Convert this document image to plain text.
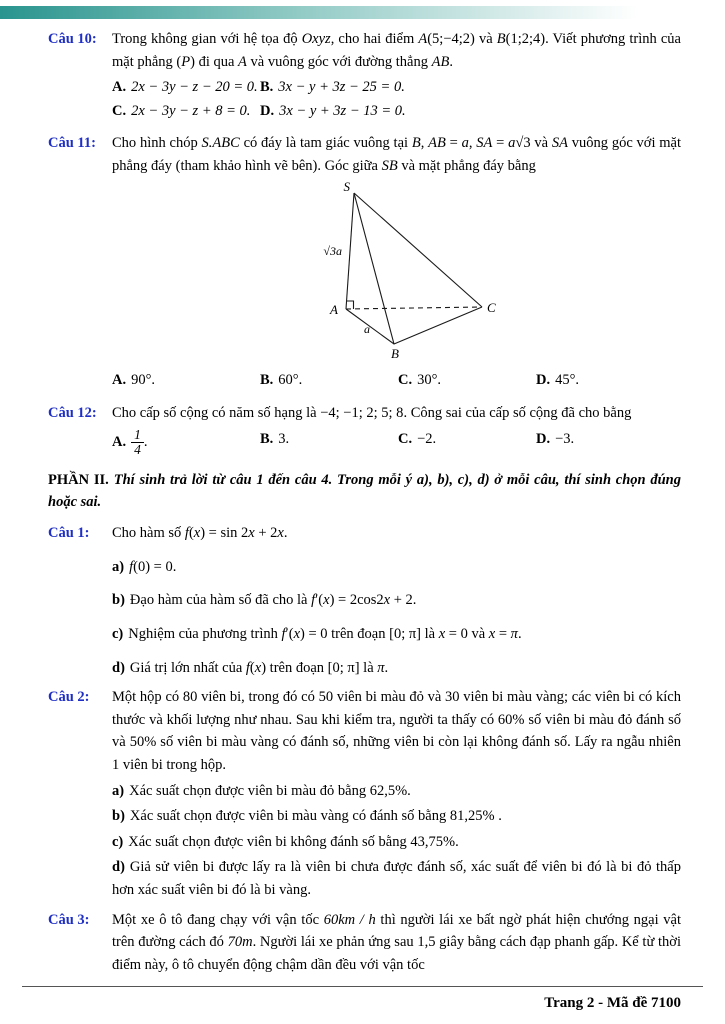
Câu 10:	Trong không gian với hệ tọa độ Oxyz, cho hai điểm A(5;−4;2) và B(1;2;4). Viết phương trình của mặt phẳng (P) đi qua A và vuông góc với đường thẳng AB.

A. 2x − 3y − z − 20 = 0. B. 3x − y + 3z − 25 = 0.
C. 2x − 3y − z + 8 = 0. D. 3x − y + 3z − 13 = 0.
Câu 11:	Cho hình chóp S.ABC có đáy là tam giác vuông tại B, AB = a, SA = a√3 và SA vuông góc với mặt phẳng đáy (tham khảo hình vẽ bên). Góc giữa SB và mặt phẳng đáy bằng

S
A
B
C
√3a
a
A. 90°.	B. 60°.	C. 30°.	D. 45°.
Câu 12:	Cho cấp số cộng có năm số hạng là −4; −1; 2; 5; 8. Công sai của cấp số cộng đã cho bằng

A. $\frac{1}{4}$ .	B. 3.	C. −2.	D. −3.

PHẦN II. Thí sinh trả lời từ câu 1 đến câu 4. Trong mỗi ý a), b), c), d) ở mỗi câu, thí sinh chọn đúng hoặc sai.

Câu 1:	Cho hàm số f(x) = sin 2x + 2x.

a) f(0) = 0.

b) Đạo hàm của hàm số đã cho là f′(x) = 2cos2x + 2.

c) Nghiệm của phương trình f′(x) = 0 trên đoạn [0; π] là x = 0 và x = π.

d) Giá trị lớn nhất của f(x) trên đoạn [0; π] là π.

Câu 2:	Một hộp có 80 viên bi, trong đó có 50 viên bi màu đỏ và 30 viên bi màu vàng; các viên bi có kích thước và khối lượng như nhau. Sau khi kiểm tra, người ta thấy có 60% số viên bi màu đỏ đánh số và 50% số viên bi màu vàng có đánh số, những viên bi còn lại không đánh số. Lấy ra ngẫu nhiên 1 viên bi trong hộp.

a) Xác suất chọn được viên bi màu đỏ bằng 62,5%.

b) Xác suất chọn được viên bi màu vàng có đánh số bằng 81,25% .

c) Xác suất chọn được viên bi không đánh số bằng 43,75%.

d) Giả sử viên bi được lấy ra là viên bi chưa được đánh số, xác suất để viên bi đó là bi đỏ thấp hơn xác suất viên bi đó là bi vàng.

Câu 3:	Một xe ô tô đang chạy với vận tốc 60km / h thì người lái xe bất ngờ phát hiện chướng ngại vật trên đường cách đó 70m. Người lái xe phản ứng sau 1,5 giây bằng cách đạp phanh gấp. Kể từ thời điểm này, ô tô chuyển động chậm dần đều với vận tốc

Trang 2 - Mã đề 7100
